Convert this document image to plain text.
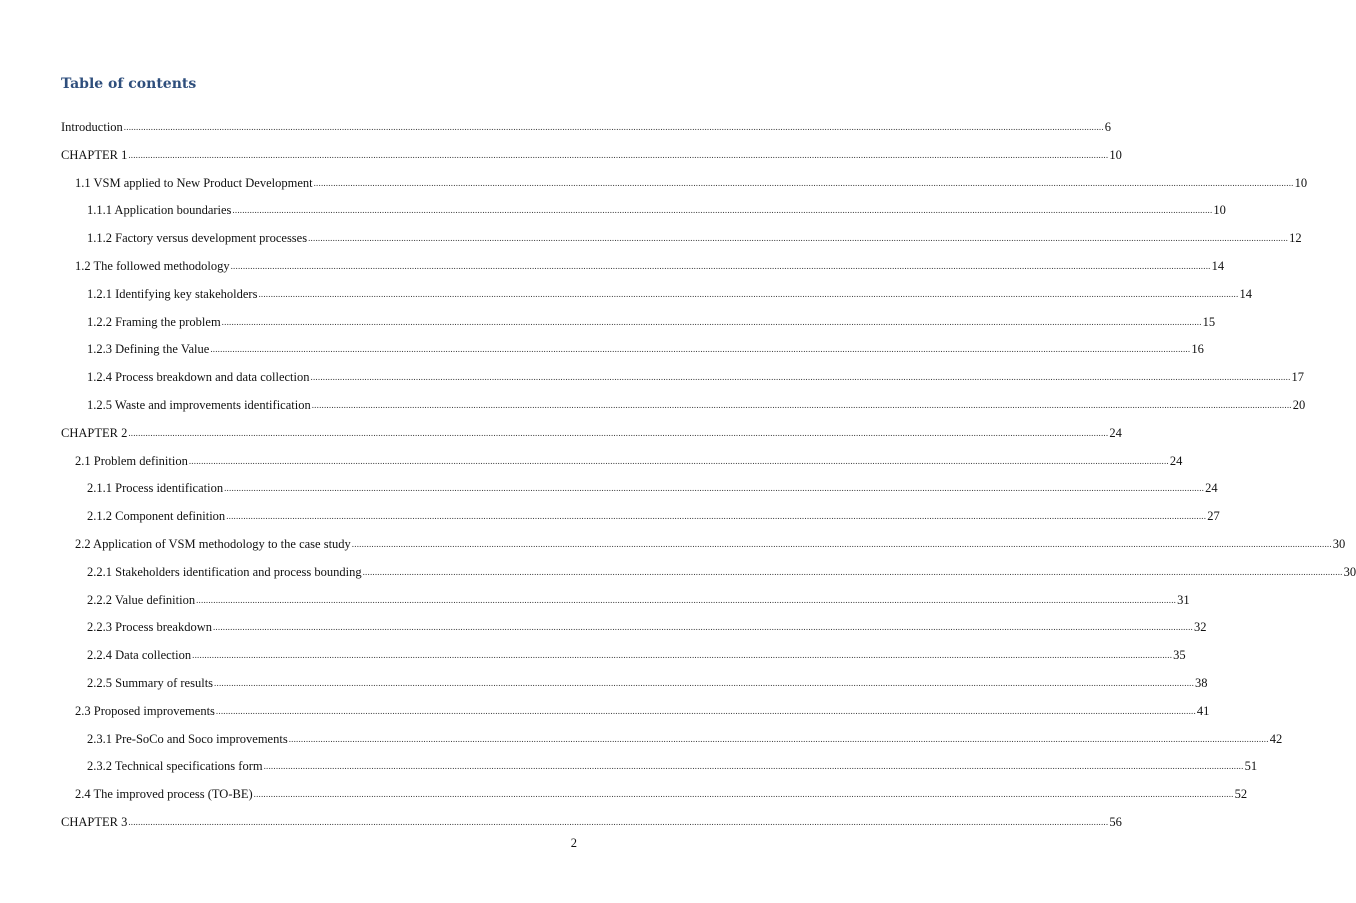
Table of contents
Introduction ................................................................................................................................................................................................................................................................................................................................................................................................................ 6
CHAPTER 1 ................................................................................................................................................................................................................................................................................................................................................................................................................ 10
1.1 VSM applied to New Product Development ................................................................................................................................................................................................................................................................................................................................................................................................................ 10
1.1.1 Application boundaries ................................................................................................................................................................................................................................................................................................................................................................................................................ 10
1.1.2 Factory versus development processes ................................................................................................................................................................................................................................................................................................................................................................................................................ 12
1.2 The followed methodology ................................................................................................................................................................................................................................................................................................................................................................................................................ 14
1.2.1 Identifying key stakeholders ................................................................................................................................................................................................................................................................................................................................................................................................................ 14
1.2.2 Framing the problem ................................................................................................................................................................................................................................................................................................................................................................................................................ 15
1.2.3 Defining the Value ................................................................................................................................................................................................................................................................................................................................................................................................................ 16
1.2.4 Process breakdown and data collection ................................................................................................................................................................................................................................................................................................................................................................................................................ 17
1.2.5 Waste and improvements identification ................................................................................................................................................................................................................................................................................................................................................................................................................ 20
CHAPTER 2 ................................................................................................................................................................................................................................................................................................................................................................................................................ 24
2.1 Problem definition ................................................................................................................................................................................................................................................................................................................................................................................................................ 24
2.1.1 Process identification ................................................................................................................................................................................................................................................................................................................................................................................................................ 24
2.1.2 Component definition ................................................................................................................................................................................................................................................................................................................................................................................................................ 27
2.2 Application of VSM methodology to the case study ................................................................................................................................................................................................................................................................................................................................................................................................................ 30
2.2.1 Stakeholders identification and process bounding ................................................................................................................................................................................................................................................................................................................................................................................................................ 30
2.2.2 Value definition ................................................................................................................................................................................................................................................................................................................................................................................................................ 31
2.2.3 Process breakdown ................................................................................................................................................................................................................................................................................................................................................................................................................ 32
2.2.4 Data collection ................................................................................................................................................................................................................................................................................................................................................................................................................ 35
2.2.5 Summary of results ................................................................................................................................................................................................................................................................................................................................................................................................................ 38
2.3 Proposed improvements ................................................................................................................................................................................................................................................................................................................................................................................................................ 41
2.3.1 Pre-SoCo and Soco improvements ................................................................................................................................................................................................................................................................................................................................................................................................................ 42
2.3.2 Technical specifications form ................................................................................................................................................................................................................................................................................................................................................................................................................ 51
2.4 The improved process (TO-BE) ................................................................................................................................................................................................................................................................................................................................................................................................................ 52
CHAPTER 3 ................................................................................................................................................................................................................................................................................................................................................................................................................ 56
2
